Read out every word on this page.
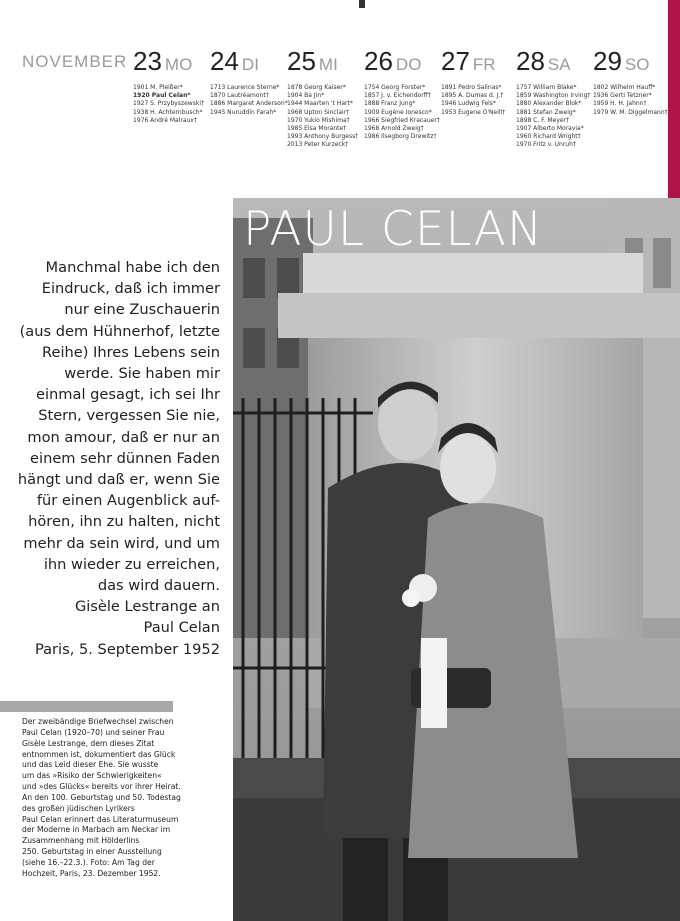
NOVEMBER 23 MO
1901 M. Pleißer*
1920 Paul Celan*
1927 S. Przybyszewski†
1938 H. Achternbusch*
1976 André Malraux†
24 DI
1713 Laurence Sterne*
1870 Lautréamont†
1886 Margaret Anderson*
1945 Nuruddin Farah*
25 MI
1878 Georg Kaiser*
1904 Ba Jin*
1944 Maarten 't Hart*
1968 Upton Sinclair†
1970 Yukio Mishima†
1985 Elsa Morante†
1993 Anthony Burgess†
2013 Peter Kurzeck†
26 DO
1754 Georg Forster*
1857 J. v. Eichendorff†
1888 Franz Jung*
1909 Eugène Ionesco*
1966 Siegfried Kracauer†
1968 Arnold Zweig†
1986 Ilsegborg Drewitz†
27 FR
1891 Pedro Salinas*
1895 A. Dumas d. J.†
1946 Ludwig Fels*
1953 Eugene O'Neill†
28 SA
1757 William Blake*
1859 Washington Irving†
1880 Alexander Blok*
1881 Stefan Zweig*
1898 C. F. Meyer†
1907 Alberto Moravia*
1960 Richard Wright†
1970 Fritz v. Unruh†
29 SO
1802 Wilhelm Hauff*
1936 Gerti Tetzner*
1959 H. H. Jahnn†
1979 W. M. Diggelmann†
PAUL CELAN
Manchmal habe ich den
Eindruck, daß ich immer
nur eine Zuschauerin
(aus dem Hühnerhof, letzte
Reihe) Ihres Lebens sein
werde. Sie haben mir
einmal gesagt, ich sei Ihr
Stern, vergessen Sie nie,
mon amour, daß er nur an
einem sehr dünnen Faden
hängt und daß er, wenn Sie
für einen Augenblick auf-
hören, ihn zu halten, nicht
mehr da sein wird, und um
ihn wieder zu erreichen,
das wird dauern.
Gisèle Lestrange an
Paul Celan
Paris, 5. September 1952
Der zweibändige Briefwechsel zwischen
Paul Celan (1920–70) und seiner Frau
Gisèle Lestrange, dem dieses Zitat
entnommen ist, dokumentiert das Glück
und das Leid dieser Ehe. Sie wusste
um das »Risiko der Schwierigkeiten«
und »des Glücks« bereits vor ihrer Heirat.
An den 100. Geburtstag und 50. Todestag
des großen jüdischen Lyrikers
Paul Celan erinnert das Literaturmuseum
der Moderne in Marbach am Neckar im
Zusammenhang mit Hölderlins
250. Geburtstag in einer Ausstellung
(siehe 16.–22.3.). Foto: Am Tag der
Hochzeit, Paris, 23. Dezember 1952.
